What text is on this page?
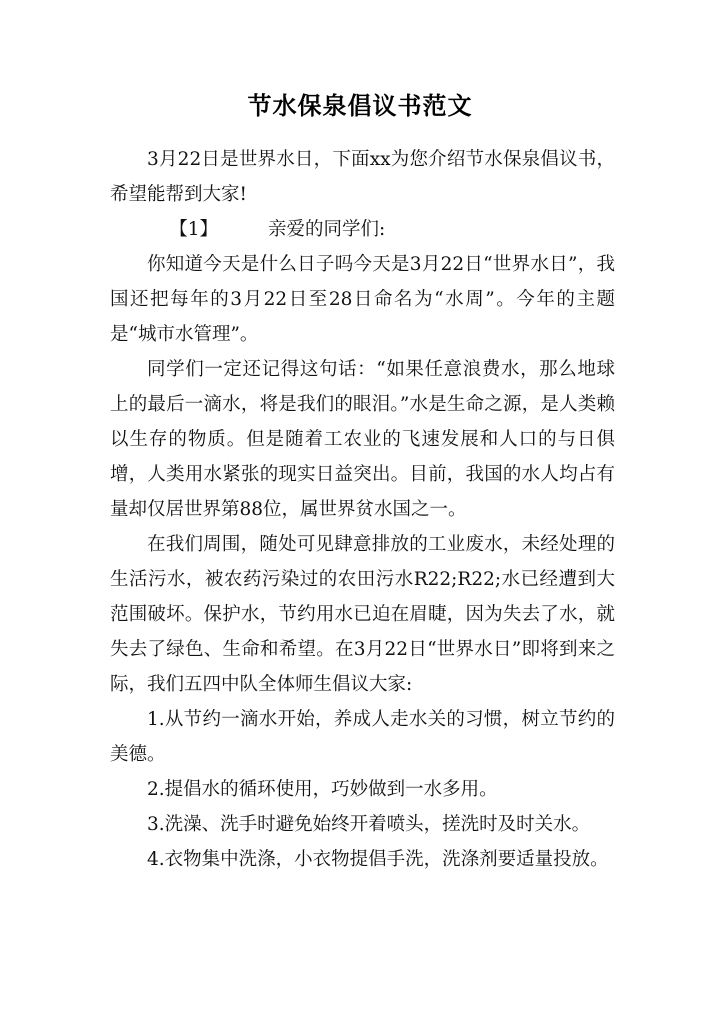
节水保泉倡议书范文

3月22日是世界水日，下面xx为您介绍节水保泉倡议书，希望能帮到大家!

【1】	亲爱的同学们:

你知道今天是什么日子吗今天是3月22日“世界水日”，我国还把每年的3月22日至28日命名为“水周”。今年的主题是“城市水管理”。

同学们一定还记得这句话：“如果任意浪费水，那么地球上的最后一滴水，将是我们的眼泪。”水是生命之源，是人类赖以生存的物质。但是随着工农业的飞速发展和人口的与日俱增，人类用水紧张的现实日益突出。目前，我国的水人均占有量却仅居世界第88位，属世界贫水国之一。

在我们周围，随处可见肆意排放的工业废水，未经处理的生活污水，被农药污染过的农田污水R22;R22;水已经遭到大范围破坏。保护水，节约用水已迫在眉睫，因为失去了水，就失去了绿色、生命和希望。在3月22日“世界水日”即将到来之际，我们五四中队全体师生倡议大家:

1.从节约一滴水开始，养成人走水关的习惯，树立节约的美德。

2.提倡水的循环使用，巧妙做到一水多用。

3.洗澡、洗手时避免始终开着喷头，搓洗时及时关水。

4.衣物集中洗涤，小衣物提倡手洗，洗涤剂要适量投放。
